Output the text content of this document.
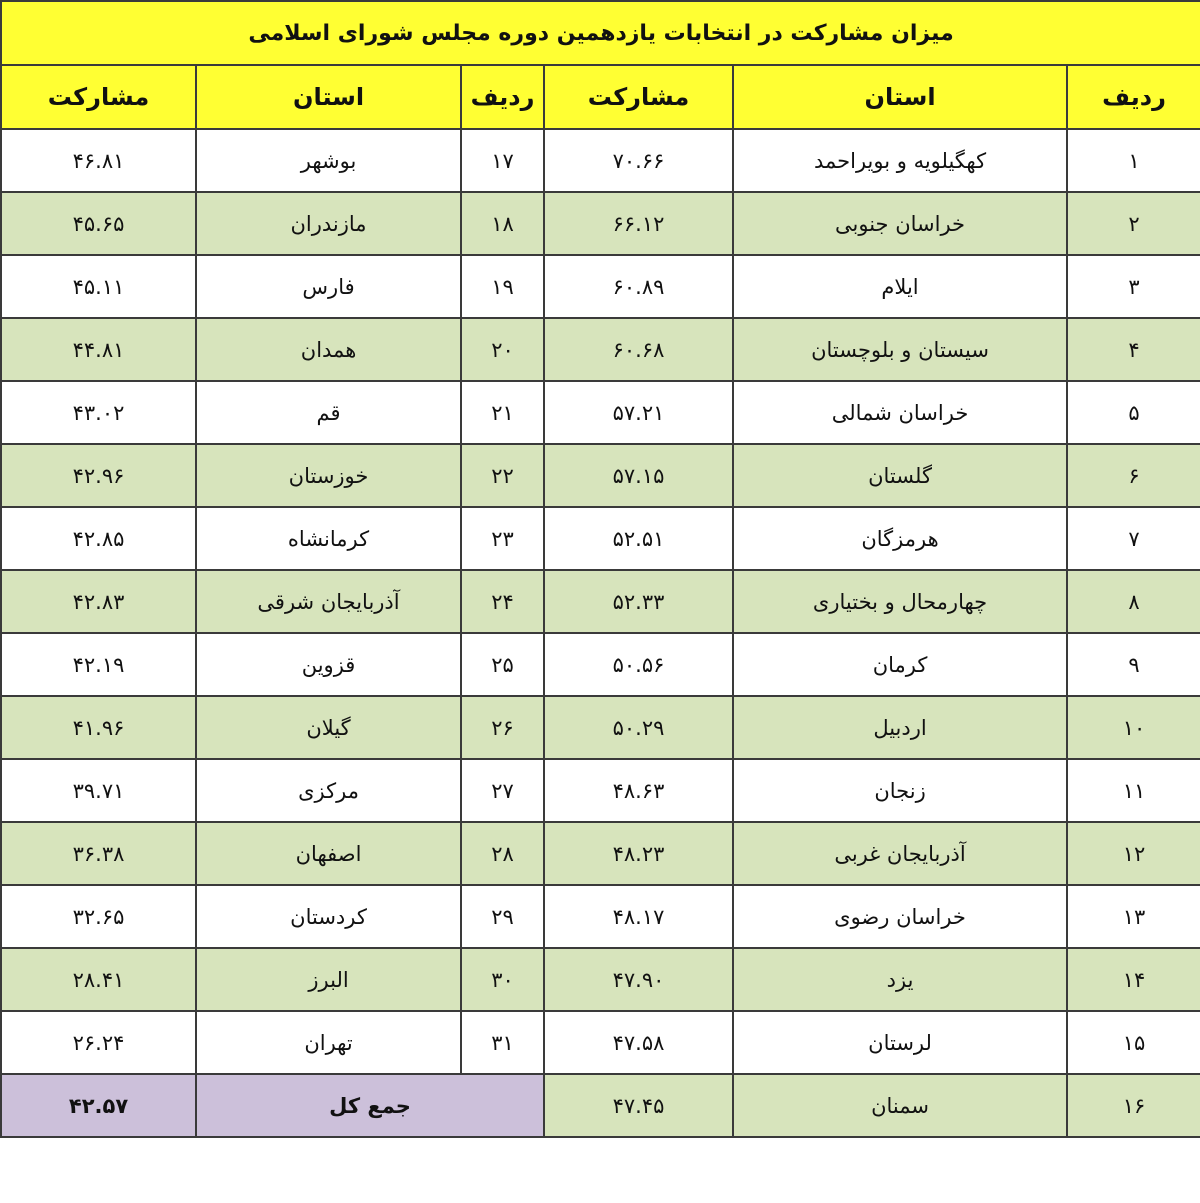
میزان مشارکت در انتخابات یازدهمین دوره مجلس شورای اسلامی					
ردیف	استان	مشارکت	ردیف	استان	مشارکت
۱	کهگیلویه و بویراحمد	۷۰.۶۶	۱۷	بوشهر	۴۶.۸۱
۲	خراسان جنوبی	۶۶.۱۲	۱۸	مازندران	۴۵.۶۵
۳	ایلام	۶۰.۸۹	۱۹	فارس	۴۵.۱۱
۴	سیستان و بلوچستان	۶۰.۶۸	۲۰	همدان	۴۴.۸۱
۵	خراسان شمالی	۵۷.۲۱	۲۱	قم	۴۳.۰۲
۶	گلستان	۵۷.۱۵	۲۲	خوزستان	۴۲.۹۶
۷	هرمزگان	۵۲.۵۱	۲۳	کرمانشاه	۴۲.۸۵
۸	چهارمحال و بختیاری	۵۲.۳۳	۲۴	آذربایجان شرقی	۴۲.۸۳
۹	کرمان	۵۰.۵۶	۲۵	قزوین	۴۲.۱۹
۱۰	اردبیل	۵۰.۲۹	۲۶	گیلان	۴۱.۹۶
۱۱	زنجان	۴۸.۶۳	۲۷	مرکزی	۳۹.۷۱
۱۲	آذربایجان غربی	۴۸.۲۳	۲۸	اصفهان	۳۶.۳۸
۱۳	خراسان رضوی	۴۸.۱۷	۲۹	کردستان	۳۲.۶۵
۱۴	یزد	۴۷.۹۰	۳۰	البرز	۲۸.۴۱
۱۵	لرستان	۴۷.۵۸	۳۱	تهران	۲۶.۲۴
۱۶	سمنان	۴۷.۴۵	جمع کل		۴۲.۵۷
